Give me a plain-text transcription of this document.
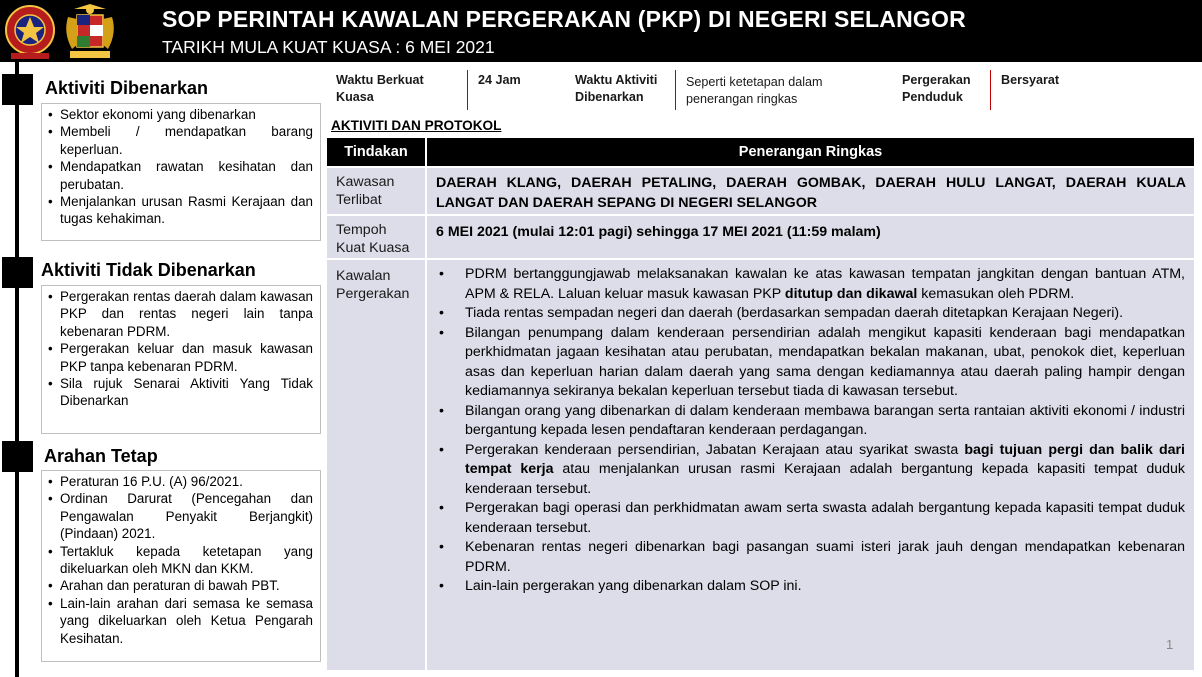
SOP PERINTAH KAWALAN PERGERAKAN (PKP) DI NEGERI SELANGOR
TARIKH MULA KUAT KUASA : 6 MEI 2021
Aktiviti Dibenarkan
• Sektor ekonomi yang dibenarkan
• Membeli / mendapatkan barang keperluan.
• Mendapatkan rawatan kesihatan dan perubatan.
• Menjalankan urusan Rasmi Kerajaan dan tugas kehakiman.
Aktiviti Tidak Dibenarkan
• Pergerakan rentas daerah dalam kawasan PKP dan rentas negeri lain tanpa kebenaran PDRM.
• Pergerakan keluar dan masuk kawasan PKP tanpa kebenaran PDRM.
• Sila rujuk Senarai Aktiviti Yang Tidak Dibenarkan
Arahan Tetap
• Peraturan 16 P.U. (A) 96/2021.
• Ordinan Darurat (Pencegahan dan Pengawalan Penyakit Berjangkit) (Pindaan) 2021.
• Tertakluk kepada ketetapan yang dikeluarkan oleh MKN dan KKM.
• Arahan dan peraturan di bawah PBT.
• Lain-lain arahan dari semasa ke semasa yang dikeluarkan oleh Ketua Pengarah Kesihatan.
Waktu Berkuat Kuasa
24 Jam	Waktu Aktiviti Dibenarkan
Seperti ketetapan dalam penerangan ringkas
Pergerakan Penduduk
Bersyarat
AKTIVITI DAN PROTOKOL
Tindakan	Penerangan Ringkas
Kawasan Terlibat
DAERAH KLANG, DAERAH PETALING, DAERAH GOMBAK, DAERAH HULU LANGAT, DAERAH KUALA LANGAT DAN DAERAH SEPANG DI NEGERI SELANGOR
Tempoh Kuat Kuasa
6 MEI 2021 (mulai 12:01 pagi) sehingga 17 MEI 2021 (11:59 malam)
Kawalan Pergerakan
• PDRM bertanggungjawab melaksanakan kawalan ke atas kawasan tempatan jangkitan dengan bantuan ATM, APM & RELA. Laluan keluar masuk kawasan PKP ditutup dan dikawal kemasukan oleh PDRM.
• Tiada rentas sempadan negeri dan daerah (berdasarkan sempadan daerah ditetapkan Kerajaan Negeri).
• Bilangan penumpang dalam kenderaan persendirian adalah mengikut kapasiti kenderaan bagi mendapatkan perkhidmatan jagaan kesihatan atau perubatan, mendapatkan bekalan makanan, ubat, penokok diet, keperluan asas dan keperluan harian dalam daerah yang sama dengan kediamannya atau daerah paling hampir dengan kediamannya sekiranya bekalan keperluan tersebut tiada di kawasan tersebut.
• Bilangan orang yang dibenarkan di dalam kenderaan membawa barangan serta rantaian aktiviti ekonomi / industri bergantung kepada lesen pendaftaran kenderaan perdagangan.
• Pergerakan kenderaan persendirian, Jabatan Kerajaan atau syarikat swasta bagi tujuan pergi dan balik dari tempat kerja atau menjalankan urusan rasmi Kerajaan adalah bergantung kepada kapasiti tempat duduk kenderaan tersebut.
• Pergerakan bagi operasi dan perkhidmatan awam serta swasta adalah bergantung kepada kapasiti tempat duduk kenderaan tersebut.
• Kebenaran rentas negeri dibenarkan bagi pasangan suami isteri jarak jauh dengan mendapatkan kebenaran PDRM.
• Lain-lain pergerakan yang dibenarkan dalam SOP ini.
1
